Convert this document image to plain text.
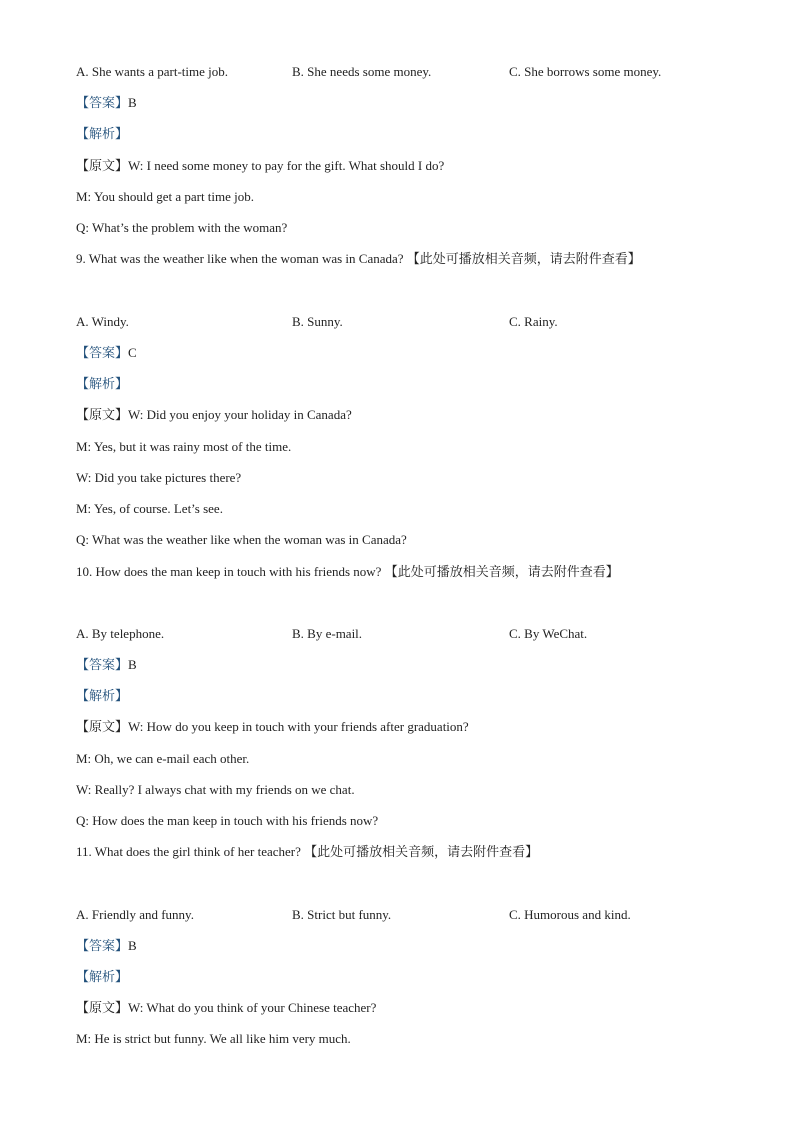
A. She wants a part-time job.	B. She needs some money.	C. She borrows some money.
【答案】B
【解析】
【原文】W: I need some money to pay for the gift. What should I do?
M: You should get a part time job.
Q: What’s the problem with the woman?
9. What was the weather like when the woman was in Canada? 【此处可播放相关音频，请去附件查看】
A. Windy.	B. Sunny.	C. Rainy.
【答案】C
【解析】
【原文】W: Did you enjoy your holiday in Canada?
M: Yes, but it was rainy most of the time.
W: Did you take pictures there?
M: Yes, of course. Let’s see.
Q: What was the weather like when the woman was in Canada?
10. How does the man keep in touch with his friends now? 【此处可播放相关音频，请去附件查看】
A. By telephone.	B. By e-mail.	C. By WeChat.
【答案】B
【解析】
【原文】W: How do you keep in touch with your friends after graduation?
M: Oh, we can e-mail each other.
W: Really? I always chat with my friends on we chat.
Q: How does the man keep in touch with his friends now?
11. What does the girl think of her teacher? 【此处可播放相关音频，请去附件查看】
A. Friendly and funny.	B. Strict but funny.	C. Humorous and kind.
【答案】B
【解析】
【原文】W: What do you think of your Chinese teacher?
M: He is strict but funny. We all like him very much.
